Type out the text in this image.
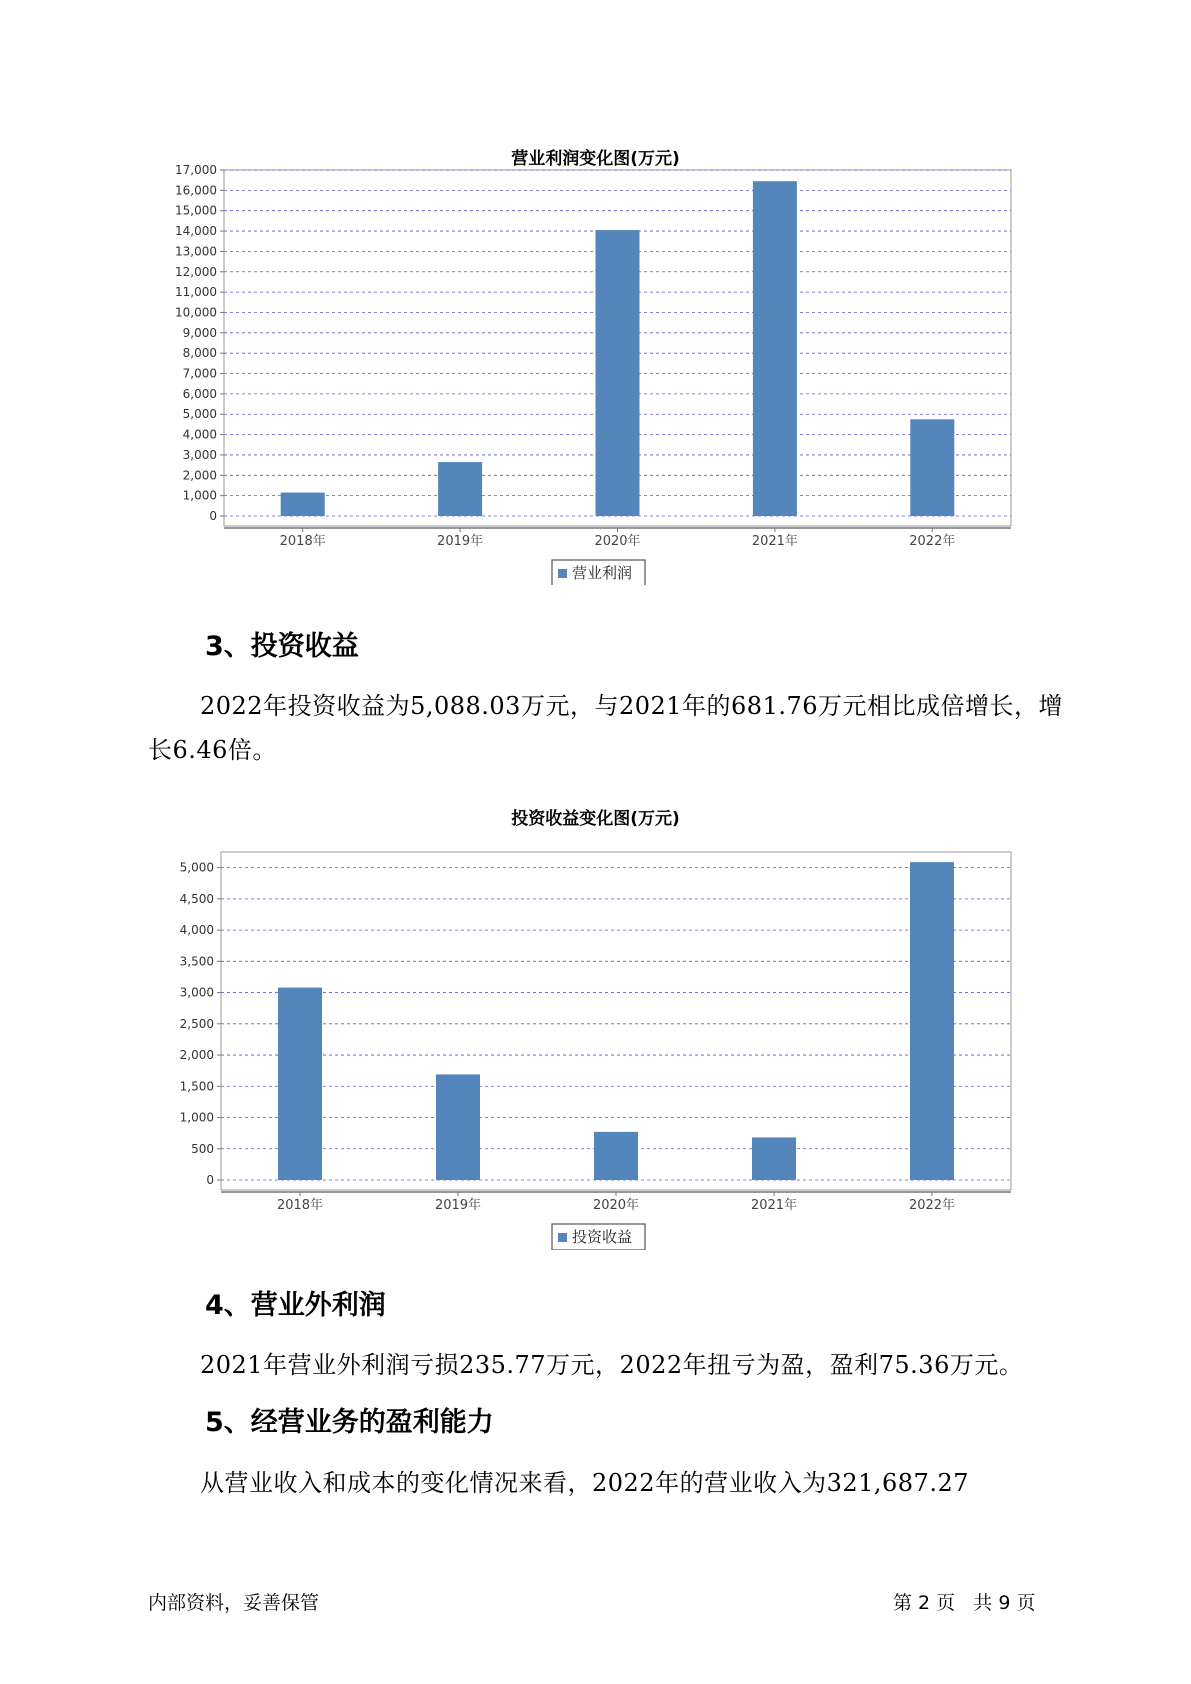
营业利润变化图(万元)
0
1,000
2,000
3,000
4,000
5,000
6,000
7,000
8,000
9,000
10,000
11,000
12,000
13,000
14,000
15,000
16,000
17,000
2018年	2019年	2020年	2021年	2022年
营业利润
3、投资收益
2022年投资收益为5,088.03万元，与2021年的681.76万元相比成倍增长，增长6.46倍。
投资收益变化图(万元)
0
500
1,000
1,500
2,000
2,500
3,000
3,500
4,000
4,500
5,000
2018年	2019年	2020年	2021年	2022年
投资收益
4、营业外利润
2021年营业外利润亏损235.77万元，2022年扭亏为盈，盈利75.36万元。
5、经营业务的盈利能力
从营业收入和成本的变化情况来看，2022年的营业收入为321,687.27
内部资料，妥善保管	第 2 页   共 9 页
